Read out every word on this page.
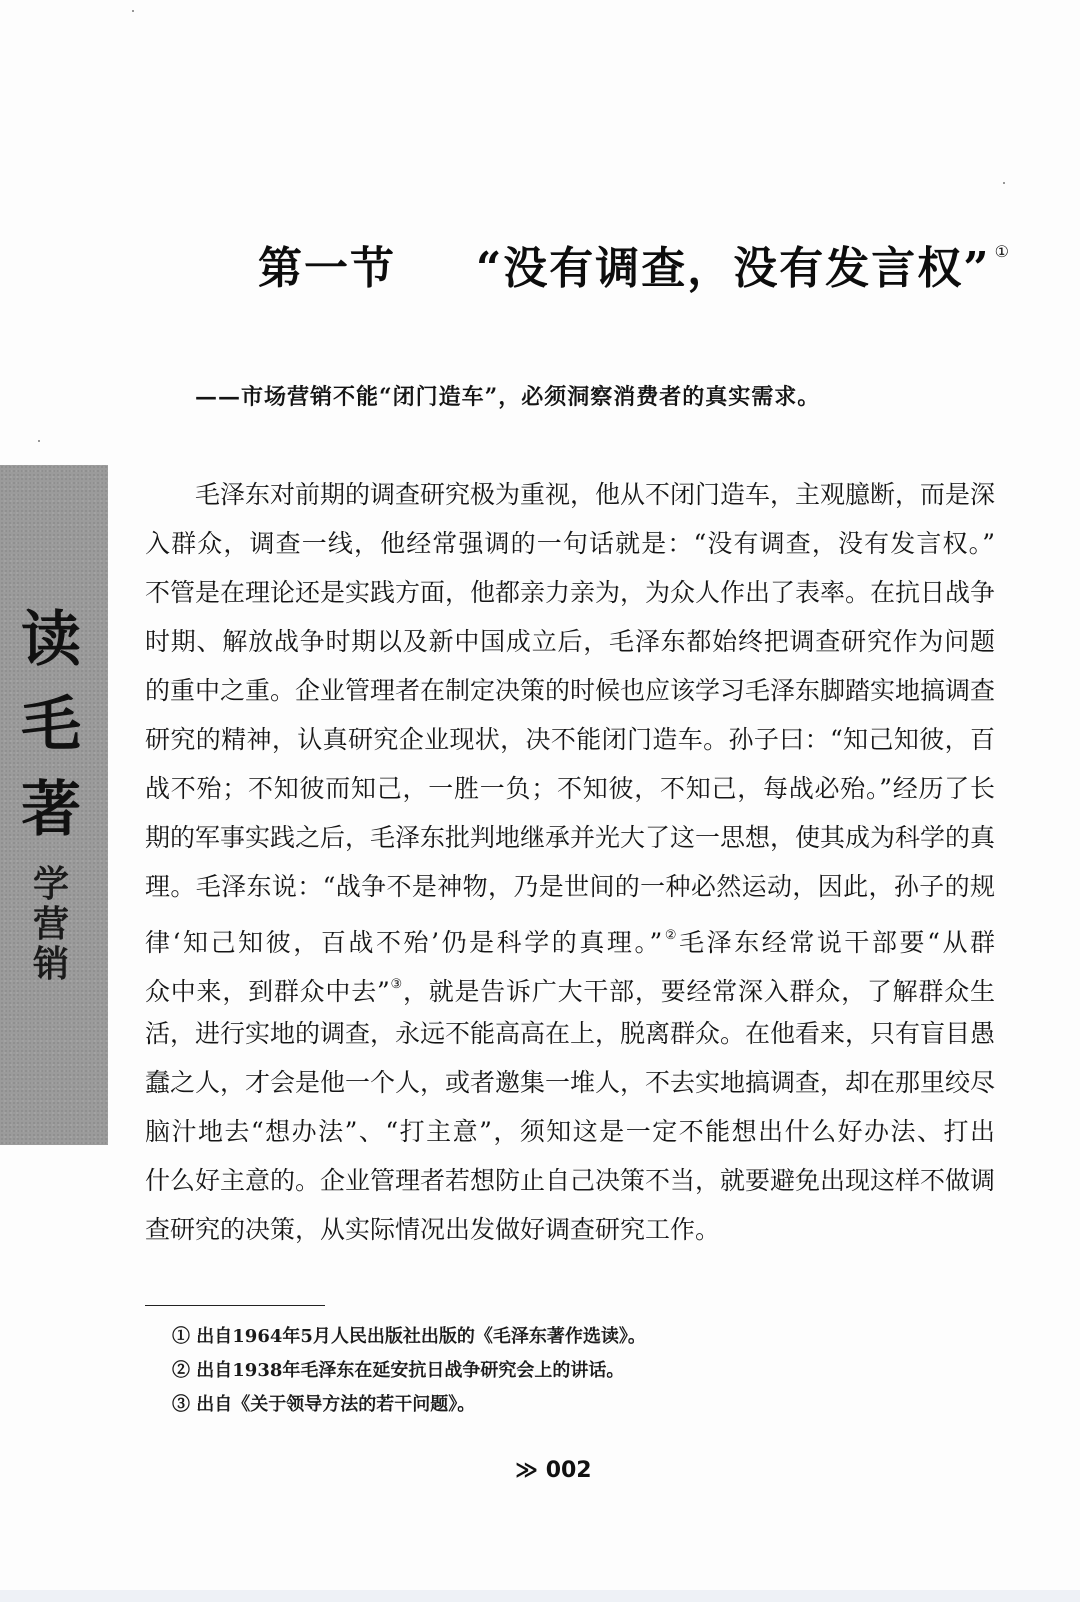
读
毛
著
学
营
销
第一节 “没有调查，没有发言权” ①
——市场营销不能“闭门造车”，必须洞察消费者的真实需求。
毛泽东对前期的调查研究极为重视，他从不闭门造车，主观臆断，而是深
入群众，调查一线，他经常强调的一句话就是：“没有调查，没有发言权。”
不管是在理论还是实践方面，他都亲力亲为，为众人作出了表率。在抗日战争
时期、解放战争时期以及新中国成立后，毛泽东都始终把调查研究作为问题
的重中之重。企业管理者在制定决策的时候也应该学习毛泽东脚踏实地搞调查
研究的精神，认真研究企业现状，决不能闭门造车。孙子曰：“知己知彼，百
战不殆；不知彼而知己，一胜一负；不知彼，不知己，每战必殆。”经历了长
期的军事实践之后，毛泽东批判地继承并光大了这一思想，使其成为科学的真
理。毛泽东说：“战争不是神物，乃是世间的一种必然运动，因此，孙子的规
律‘知己知彼，百战不殆’仍是科学的真理。”②毛泽东经常说干部要“从群
众中来，到群众中去”③，就是告诉广大干部，要经常深入群众，了解群众生
活，进行实地的调查，永远不能高高在上，脱离群众。在他看来，只有盲目愚
蠢之人，才会是他一个人，或者邀集一堆人，不去实地搞调查，却在那里绞尽
脑汁地去“想办法”、“打主意”，须知这是一定不能想出什么好办法、打出
什么好主意的。企业管理者若想防止自己决策不当，就要避免出现这样不做调
查研究的决策，从实际情况出发做好调查研究工作。
① 出自1964年5月人民出版社出版的《毛泽东著作选读》。
② 出自1938年毛泽东在延安抗日战争研究会上的讲话。
③ 出自《关于领导方法的若干问题》。
≫ 002
